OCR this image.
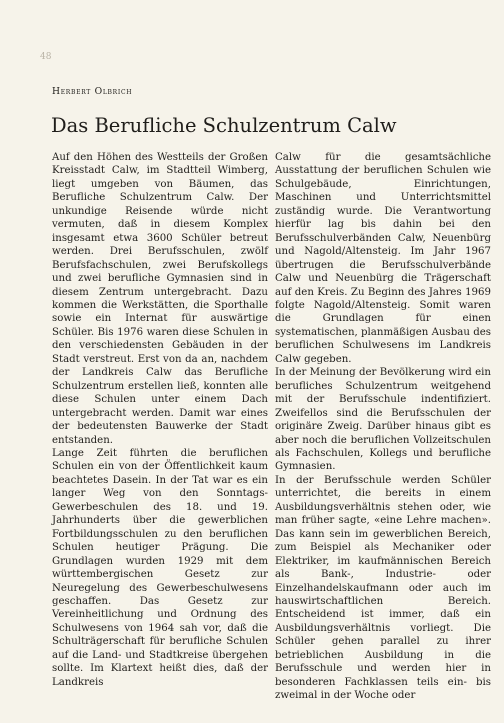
48
Herbert Olbrich
Das Berufliche Schulzentrum Calw

Auf den Höhen des Westteils der Großen Kreisstadt Calw, im Stadtteil Wimberg, liegt umgeben von Bäumen, das Berufliche Schulzentrum Calw. Der unkundige Reisende würde nicht vermuten, daß in diesem Komplex insgesamt etwa 3600 Schüler betreut werden. Drei Berufsschulen, zwölf Berufsfachschulen, zwei Berufskollegs und zwei berufliche Gymnasien sind in diesem Zentrum untergebracht. Dazu kommen die Werkstätten, die Sporthalle sowie ein Internat für auswärtige Schüler. Bis 1976 waren diese Schulen in den verschiedensten Gebäuden in der Stadt verstreut. Erst von da an, nachdem der Landkreis Calw das Berufliche Schulzentrum erstellen ließ, konnten alle diese Schulen unter einem Dach untergebracht werden. Damit war eines der bedeutensten Bauwerke der Stadt entstanden.

Lange Zeit führten die beruflichen Schulen ein von der Öffentlichkeit kaum beachtetes Dasein. In der Tat war es ein langer Weg von den Sonntags-Gewerbeschulen des 18. und 19. Jahrhunderts über die gewerblichen Fortbildungsschulen zu den beruflichen Schulen heutiger Prägung. Die Grundlagen wurden 1929 mit dem württembergischen Gesetz zur Neuregelung des Gewerbeschulwesens geschaffen. Das Gesetz zur Vereinheitlichung und Ordnung des Schulwesens von 1964 sah vor, daß die Schulträgerschaft für berufliche Schulen auf die Land- und Stadtkreise übergehen sollte. Im Klartext heißt dies, daß der Landkreis

Calw für die gesamtsächliche Ausstattung der beruflichen Schulen wie Schulgebäude, Einrichtungen, Maschinen und Unterrichtsmittel zuständig wurde. Die Verantwortung hierfür lag bis dahin bei den Berufsschulverbänden Calw, Neuenbürg und Nagold/Altensteig. Im Jahr 1967 übertrugen die Berufsschulverbände Calw und Neuenbürg die Trägerschaft auf den Kreis. Zu Beginn des Jahres 1969 folgte Nagold/Altensteig. Somit waren die Grundlagen für einen systematischen, planmäßigen Ausbau des beruflichen Schulwesens im Landkreis Calw gegeben.

In der Meinung der Bevölkerung wird ein berufliches Schulzentrum weitgehend mit der Berufsschule indentifiziert. Zweifellos sind die Berufsschulen der originäre Zweig. Darüber hinaus gibt es aber noch die beruflichen Vollzeitschulen als Fachschulen, Kollegs und berufliche Gymnasien.

In der Berufsschule werden Schüler unterrichtet, die bereits in einem Ausbildungsverhältnis stehen oder, wie man früher sagte, «eine Lehre machen». Das kann sein im gewerblichen Bereich, zum Beispiel als Mechaniker oder Elektriker, im kaufmännischen Bereich als Bank-, Industrie- oder Einzelhandelskaufmann oder auch im hauswirtschaftlichen Bereich. Entscheidend ist immer, daß ein Ausbildungsverhältnis vorliegt. Die Schüler gehen parallel zu ihrer betrieblichen Ausbildung in die Berufsschule und werden hier in besonderen Fachklassen teils ein- bis zweimal in der Woche oder
